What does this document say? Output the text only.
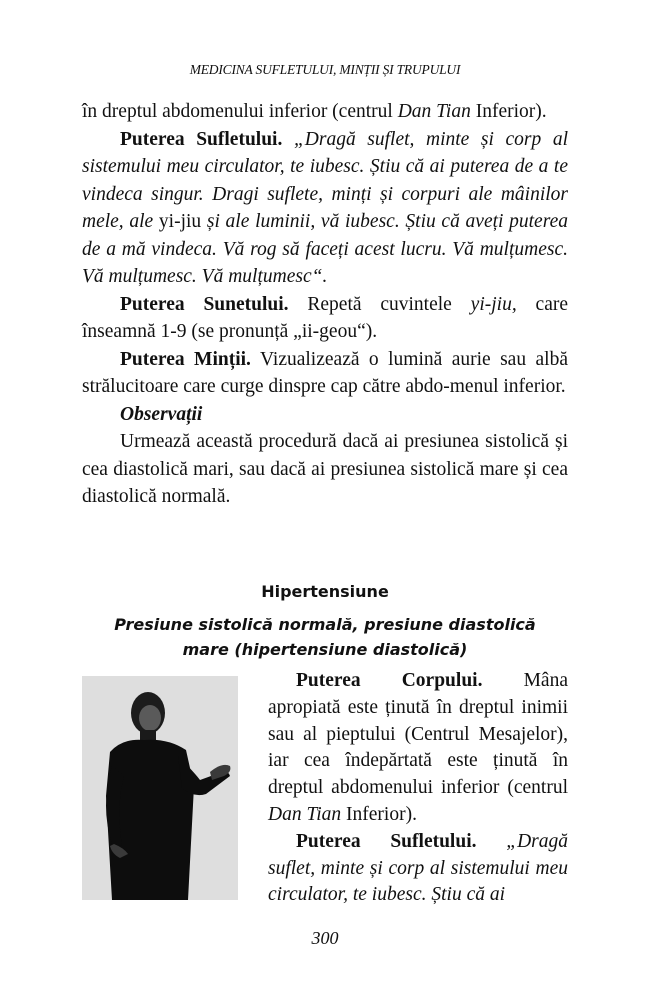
MEDICINA SUFLETULUI, MINȚII ȘI TRUPULUI

în dreptul abdomenului inferior (centrul Dan Tian Inferior).

Puterea Sufletului. „Dragă suflet, minte și corp al sistemului meu circulator, te iubesc. Știu că ai puterea de a te vindeca singur. Dragi suflete, minți și corpuri ale mâinilor mele, ale yi-jiu și ale luminii, vă iubesc. Știu că aveți puterea de a mă vindeca. Vă rog să faceți acest lucru. Vă mulțumesc. Vă mulțumesc. Vă mulțumesc“.

Puterea Sunetului. Repetă cuvintele yi-jiu, care înseamnă 1-9 (se pronunță „ii-geou“).

Puterea Minții. Vizualizează o lumină aurie sau albă strălucitoare care curge dinspre cap către abdo-menul inferior.

Observații

Urmează această procedură dacă ai presiunea sistolică și cea diastolică mari, sau dacă ai presiunea sistolică mare și cea diastolică normală.

Hipertensiune
Presiune sistolică normală, presiune diastolică
mare (hipertensiune diastolică)

Puterea Corpului. Mâna apropiată este ținută în dreptul inimii sau al pieptului (Centrul Mesajelor), iar cea îndepărtată este ținută în dreptul abdomenului inferior (centrul Dan Tian Inferior).

Puterea Sufletului. „Dragă suflet, minte și corp al sistemului meu circulator, te iubesc. Știu că ai

300
